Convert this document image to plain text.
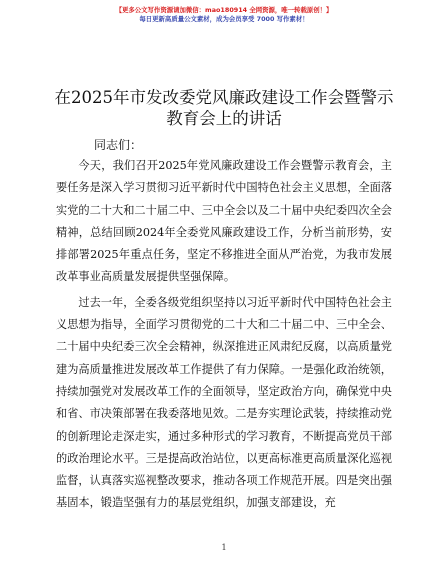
【更多公文写作资源请加微信：mao180914 全网资源，唯一转载原创！】
每日更新高质量公文素材，成为会员享受 7000 写作素材！
在2025年市发改委党风廉政建设工作会暨警示
教育会上的讲话
同志们：

今天，我们召开2025年党风廉政建设工作会暨警示教育会，主要任务是深入学习贯彻习近平新时代中国特色社会主义思想，全面落实党的二十大和二十届二中、三中全会以及二十届中央纪委四次全会精神，总结回顾2024年全委党风廉政建设工作，分析当前形势，安排部署2025年重点任务，坚定不移推进全面从严治党，为我市发展改革事业高质量发展提供坚强保障。

过去一年，全委各级党组织坚持以习近平新时代中国特色社会主义思想为指导，全面学习贯彻党的二十大和二十届二中、三中全会、二十届中央纪委三次全会精神，纵深推进正风肃纪反腐，以高质量党建为高质量推进发展改革工作提供了有力保障。一是强化政治统领，持续加强党对发展改革工作的全面领导，坚定政治方向，确保党中央和省、市决策部署在我委落地见效。二是夯实理论武装，持续推动党的创新理论走深走实，通过多种形式的学习教育，不断提高党员干部的政治理论水平。三是提高政治站位，以更高标准更高质量深化巡视监督，认真落实巡视整改要求，推动各项工作规范开展。四是突出强基固本，锻造坚强有力的基层党组织，加强支部建设，充

1
